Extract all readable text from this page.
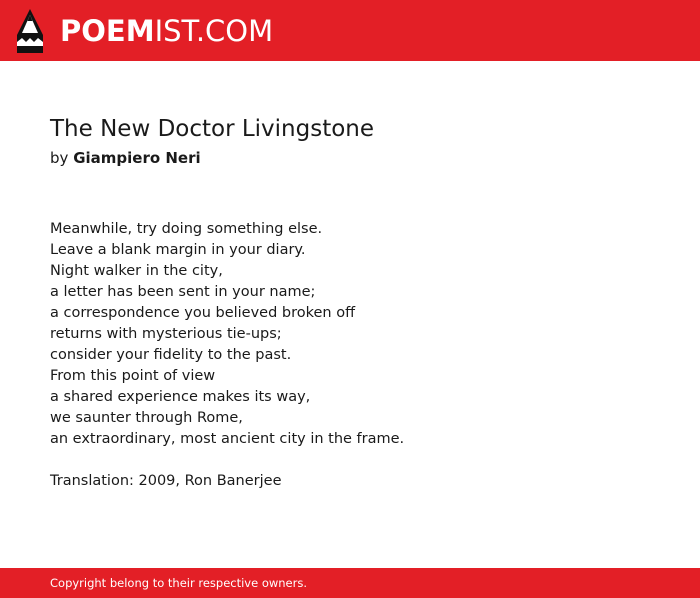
POEMIST.COM
The New Doctor Livingstone
by Giampiero Neri
Meanwhile, try doing something else.
Leave a blank margin in your diary.
Night walker in the city,
a letter has been sent in your name;
a correspondence you believed broken off
returns with mysterious tie-ups;
consider your fidelity to the past.
From this point of view
a shared experience makes its way,
we saunter through Rome,
an extraordinary, most ancient city in the frame.
Translation: 2009, Ron Banerjee
Copyright belong to their respective owners.
